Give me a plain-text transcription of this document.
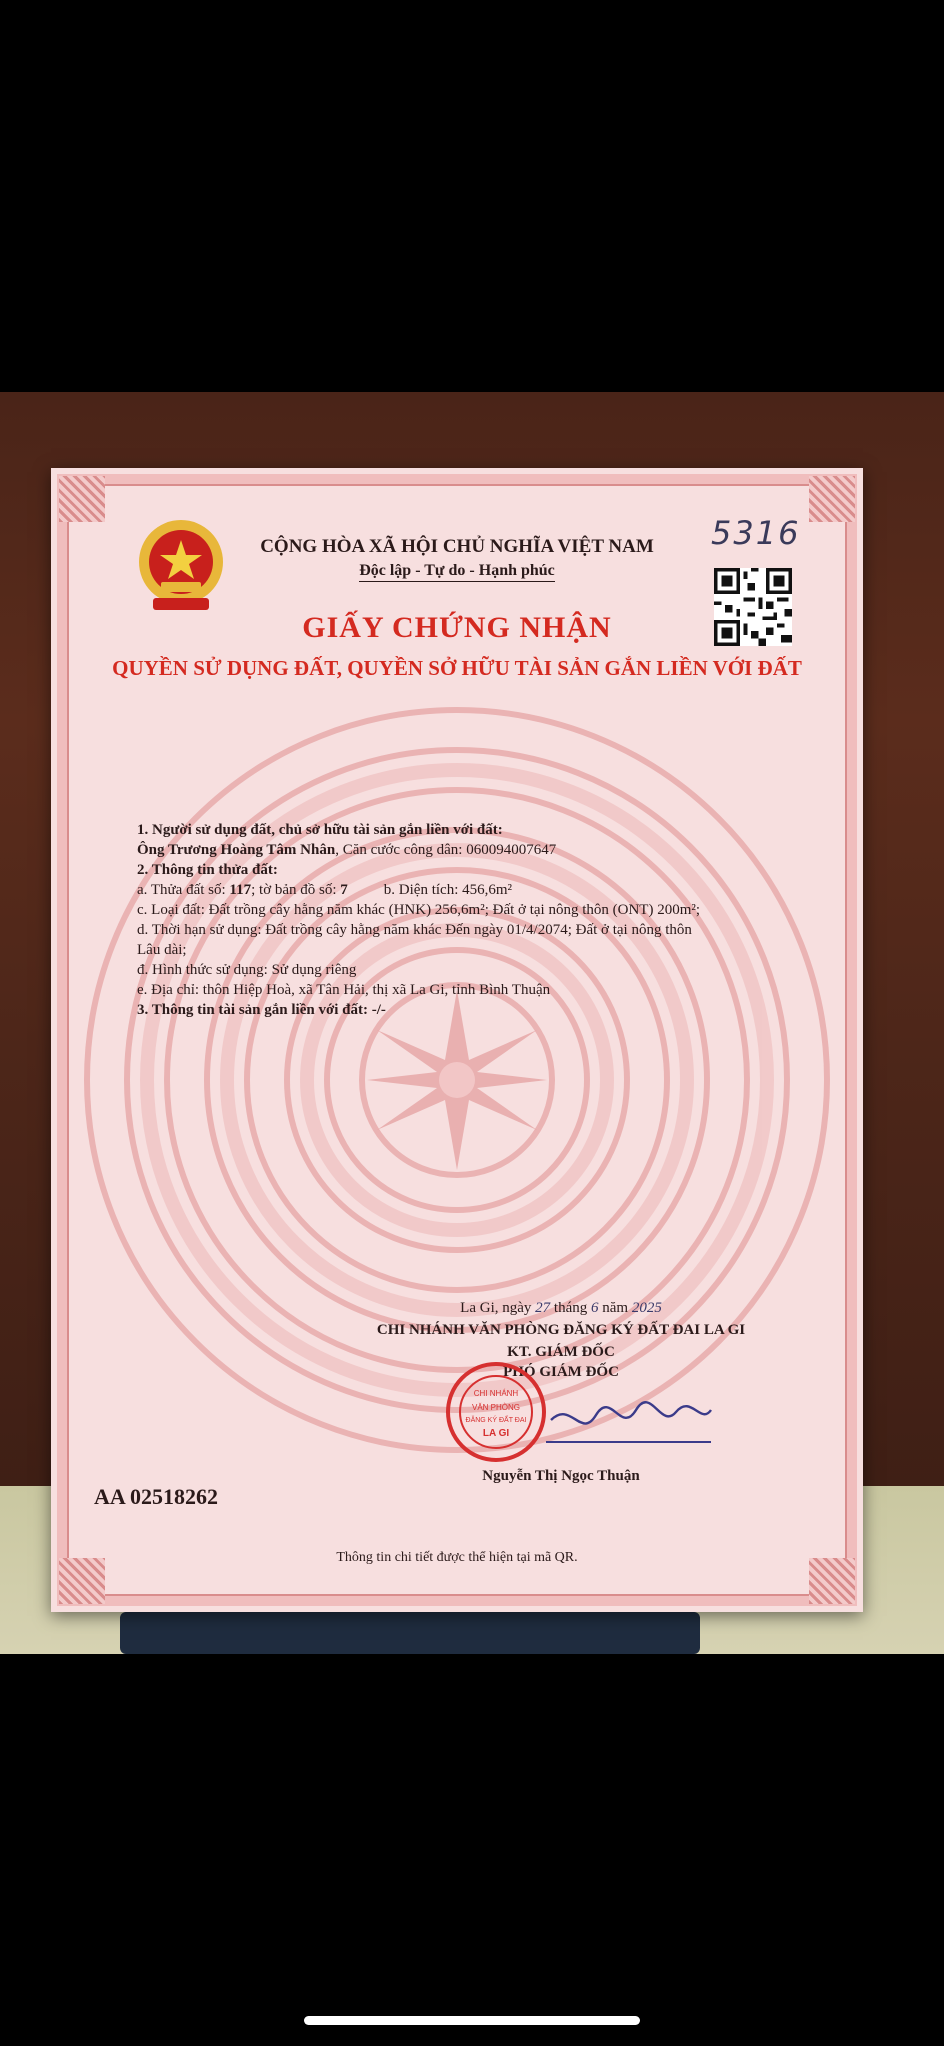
5316
CỘNG HÒA XÃ HỘI CHỦ NGHĨA VIỆT NAM
Độc lập - Tự do - Hạnh phúc
GIẤY CHỨNG NHẬN
QUYỀN SỬ DỤNG ĐẤT, QUYỀN SỞ HỮU TÀI SẢN GẮN LIỀN VỚI ĐẤT

1. Người sử dụng đất, chủ sở hữu tài sản gắn liền với đất:

Ông Trương Hoàng Tâm Nhân, Căn cước công dân: 060094007647

2. Thông tin thửa đất:

a. Thửa đất số: 117; tờ bản đồ số: 7 b. Diện tích: 456,6m²

c. Loại đất: Đất trồng cây hằng năm khác (HNK) 256,6m²; Đất ở tại nông thôn (ONT) 200m²;

d. Thời hạn sử dụng: Đất trồng cây hằng năm khác Đến ngày 01/4/2074; Đất ở tại nông thôn

Lâu dài;

đ. Hình thức sử dụng: Sử dụng riêng

e. Địa chỉ: thôn Hiệp Hoà, xã Tân Hải, thị xã La Gi, tỉnh Bình Thuận

3. Thông tin tài sản gắn liền với đất: -/-

La Gi, ngày 27 tháng 6 năm 2025
CHI NHÁNH VĂN PHÒNG ĐĂNG KÝ ĐẤT ĐAI LA GI
KT. GIÁM ĐỐC
PHÓ GIÁM ĐỐC
CHI NHÁNH
VĂN PHÒNG
ĐĂNG KÝ ĐẤT ĐAI
LA GI
Nguyễn Thị Ngọc Thuận
AA 02518262
Thông tin chi tiết được thể hiện tại mã QR.
